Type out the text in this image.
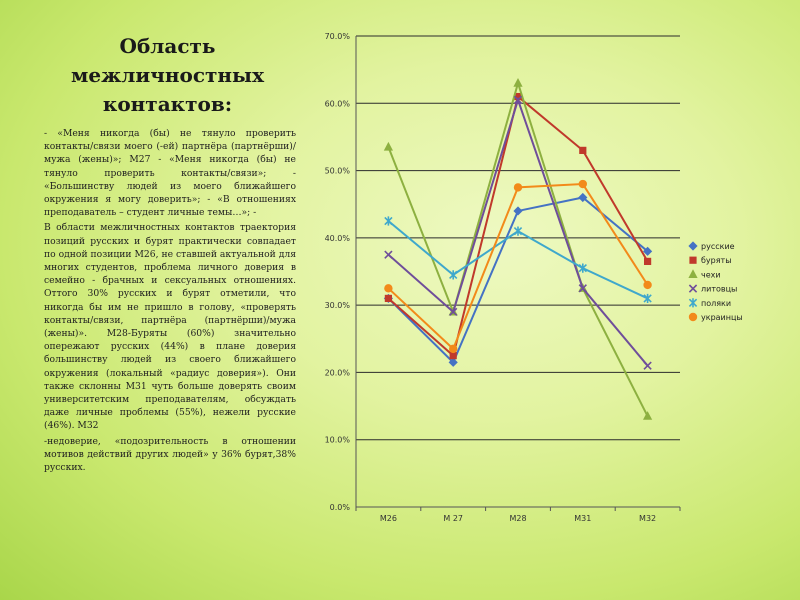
Область
межличностных
контактов:

- «Меня никогда (бы) не тянуло проверить контакты/связи моего (-ей) партнёра (партнёрши)/мужа (жены)»; М27 - «Меня никогда (бы) не тянуло проверить контакты/связи»; - «Большинству людей из моего ближайшего окружения я могу доверить»; - «В отношениях преподаватель – студент личные темы…»; -

В области межличностных контактов траектория позиций русских и бурят практически совпадает по одной позиции М26, не ставшей актуальной для многих студентов, проблема личного доверия в семейно - брачных и сексуальных отношениях. Оттого 30% русских и бурят отметили, что никогда бы им не пришло в голову, «проверять контакты/связи, партнёра (партнёрши)/мужа (жены)». М28-Буряты (60%) значительно опережают русских (44%) в плане доверия большинству людей из своего ближайшего окружения (локальный «радиус доверия»). Они также склонны М31 чуть больше доверять своим университетским преподавателям, обсуждать даже личные проблемы (55%), нежели русские (46%). М32

-недоверие, «подозрительность в отношении мотивов действий других людей» у 36% бурят,38% русских.

0.0%
10.0%
20.0%
30.0%
40.0%
50.0%
60.0%
70.0%
M26	M 27	M28	M31	M32
русские
буряты
чехи
литовцы
поляки
украинцы
